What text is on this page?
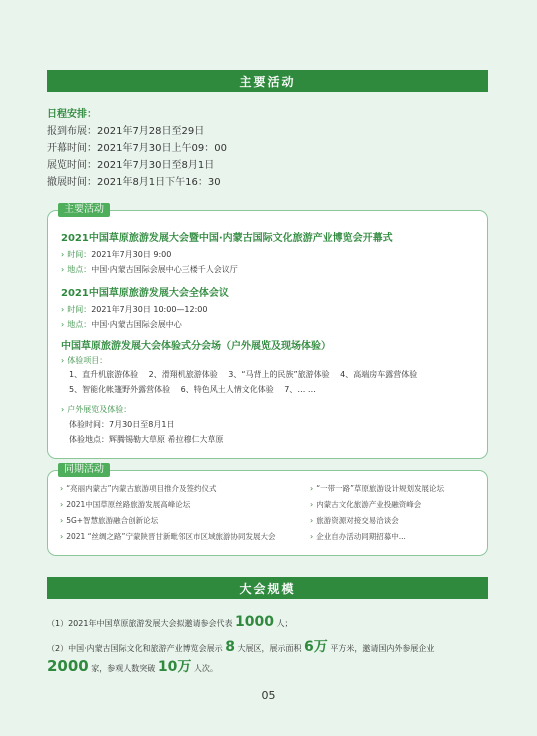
主要活动
日程安排：
报到布展：2021年7月28日至29日
开幕时间：2021年7月30日上午09：00
展览时间：2021年7月30日至8月1日
撤展时间：2021年8月1日下午16：30
主要活动
2021中国草原旅游发展大会暨中国·内蒙古国际文化旅游产业博览会开幕式
› 时间：2021年7月30日 9:00
› 地点：中国·内蒙古国际会展中心三楼千人会议厅
2021中国草原旅游发展大会全体会议
› 时间：2021年7月30日 10:00—12:00
› 地点：中国·内蒙古国际会展中心
中国草原旅游发展大会体验式分会场（户外展览及现场体验）
› 体验项目：
1、直升机旅游体验　 2、滑翔机旅游体验　 3、“马背上的民族”旅游体验　 4、高端房车露营体验
5、智能化帐篷野外露营体验　 6、特色风土人情文化体验　 7、… …
› 户外展览及体验：
体验时间：7月30日至8月1日
体验地点：辉腾锡勒大草原 希拉穆仁大草原
同期活动
› “亮丽内蒙古”内蒙古旅游项目推介及签约仪式
› 2021中国草原丝路旅游发展高峰论坛
› 5G+智慧旅游融合创新论坛
› 2021 “丝绸之路”宁蒙陕晋甘新毗邻区市区域旅游协同发展大会
› “一带一路”草原旅游设计规划发展论坛
› 内蒙古文化旅游产业投融资峰会
› 旅游资源对接交易洽谈会
› 企业自办活动同期招募中...
大会规模
（1）2021年中国草原旅游发展大会拟邀请参会代表 1000 人；
（2）中国·内蒙古国际文化和旅游产业博览会展示 8 大展区，展示面积 6万 平方米，邀请国内外参展企业
2000 家，参观人数突破 10万 人次。
05
